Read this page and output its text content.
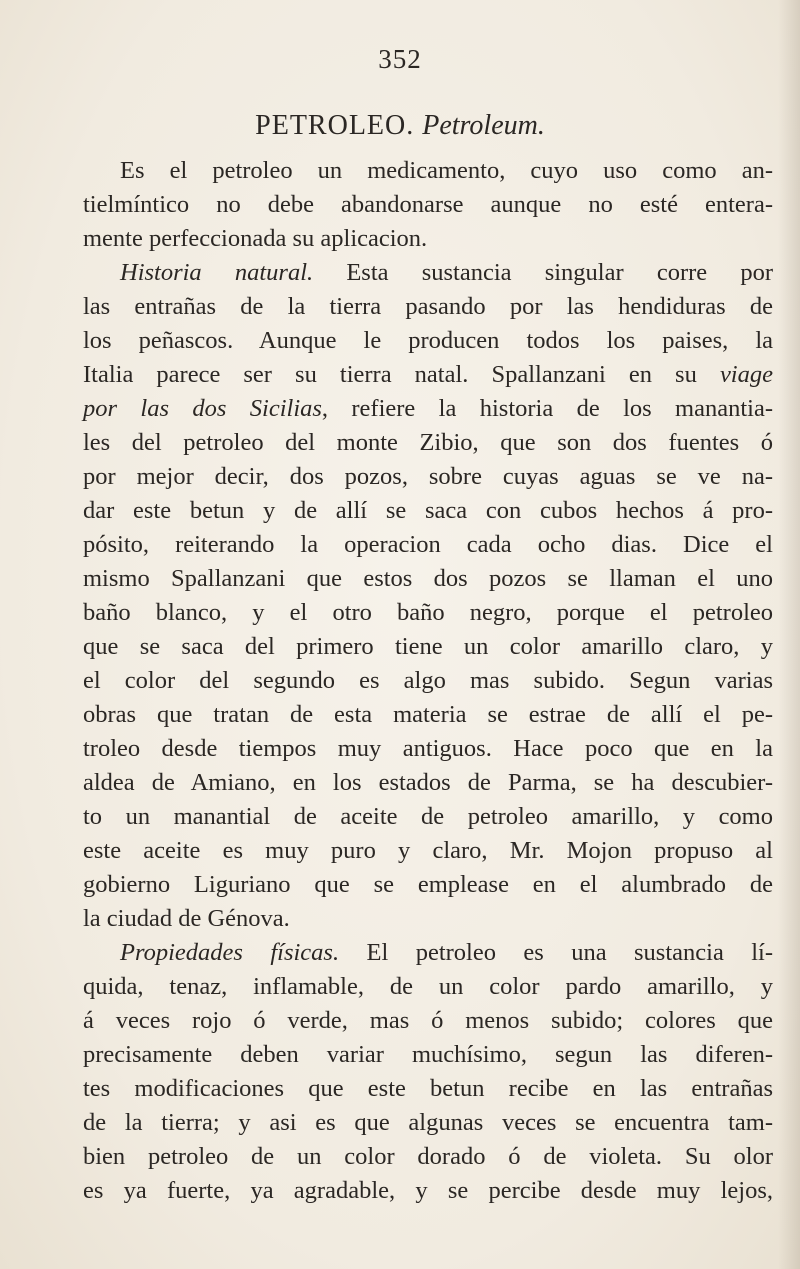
352
PETROLEO. Petroleum.
Es el petroleo un medicamento, cuyo uso como an-
tielmíntico no debe abandonarse aunque no esté entera-
mente perfeccionada su aplicacion.
Historia natural. Esta sustancia singular corre por
las entrañas de la tierra pasando por las hendiduras de
los peñascos. Aunque le producen todos los paises, la
Italia parece ser su tierra natal. Spallanzani en su viage
por las dos Sicilias, refiere la historia de los manantia-
les del petroleo del monte Zibio, que son dos fuentes ó
por mejor decir, dos pozos, sobre cuyas aguas se ve na-
dar este betun y de allí se saca con cubos hechos á pro-
pósito, reiterando la operacion cada ocho dias. Dice el
mismo Spallanzani que estos dos pozos se llaman el uno
baño blanco, y el otro baño negro, porque el petroleo
que se saca del primero tiene un color amarillo claro, y
el color del segundo es algo mas subido. Segun varias
obras que tratan de esta materia se estrae de allí el pe-
troleo desde tiempos muy antiguos. Hace poco que en la
aldea de Amiano, en los estados de Parma, se ha descubier-
to un manantial de aceite de petroleo amarillo, y como
este aceite es muy puro y claro, Mr. Mojon propuso al
gobierno Liguriano que se emplease en el alumbrado de
la ciudad de Génova.
Propiedades físicas. El petroleo es una sustancia lí-
quida, tenaz, inflamable, de un color pardo amarillo, y
á veces rojo ó verde, mas ó menos subido; colores que
precisamente deben variar muchísimo, segun las diferen-
tes modificaciones que este betun recibe en las entrañas
de la tierra; y asi es que algunas veces se encuentra tam-
bien petroleo de un color dorado ó de violeta. Su olor
es ya fuerte, ya agradable, y se percibe desde muy lejos,
